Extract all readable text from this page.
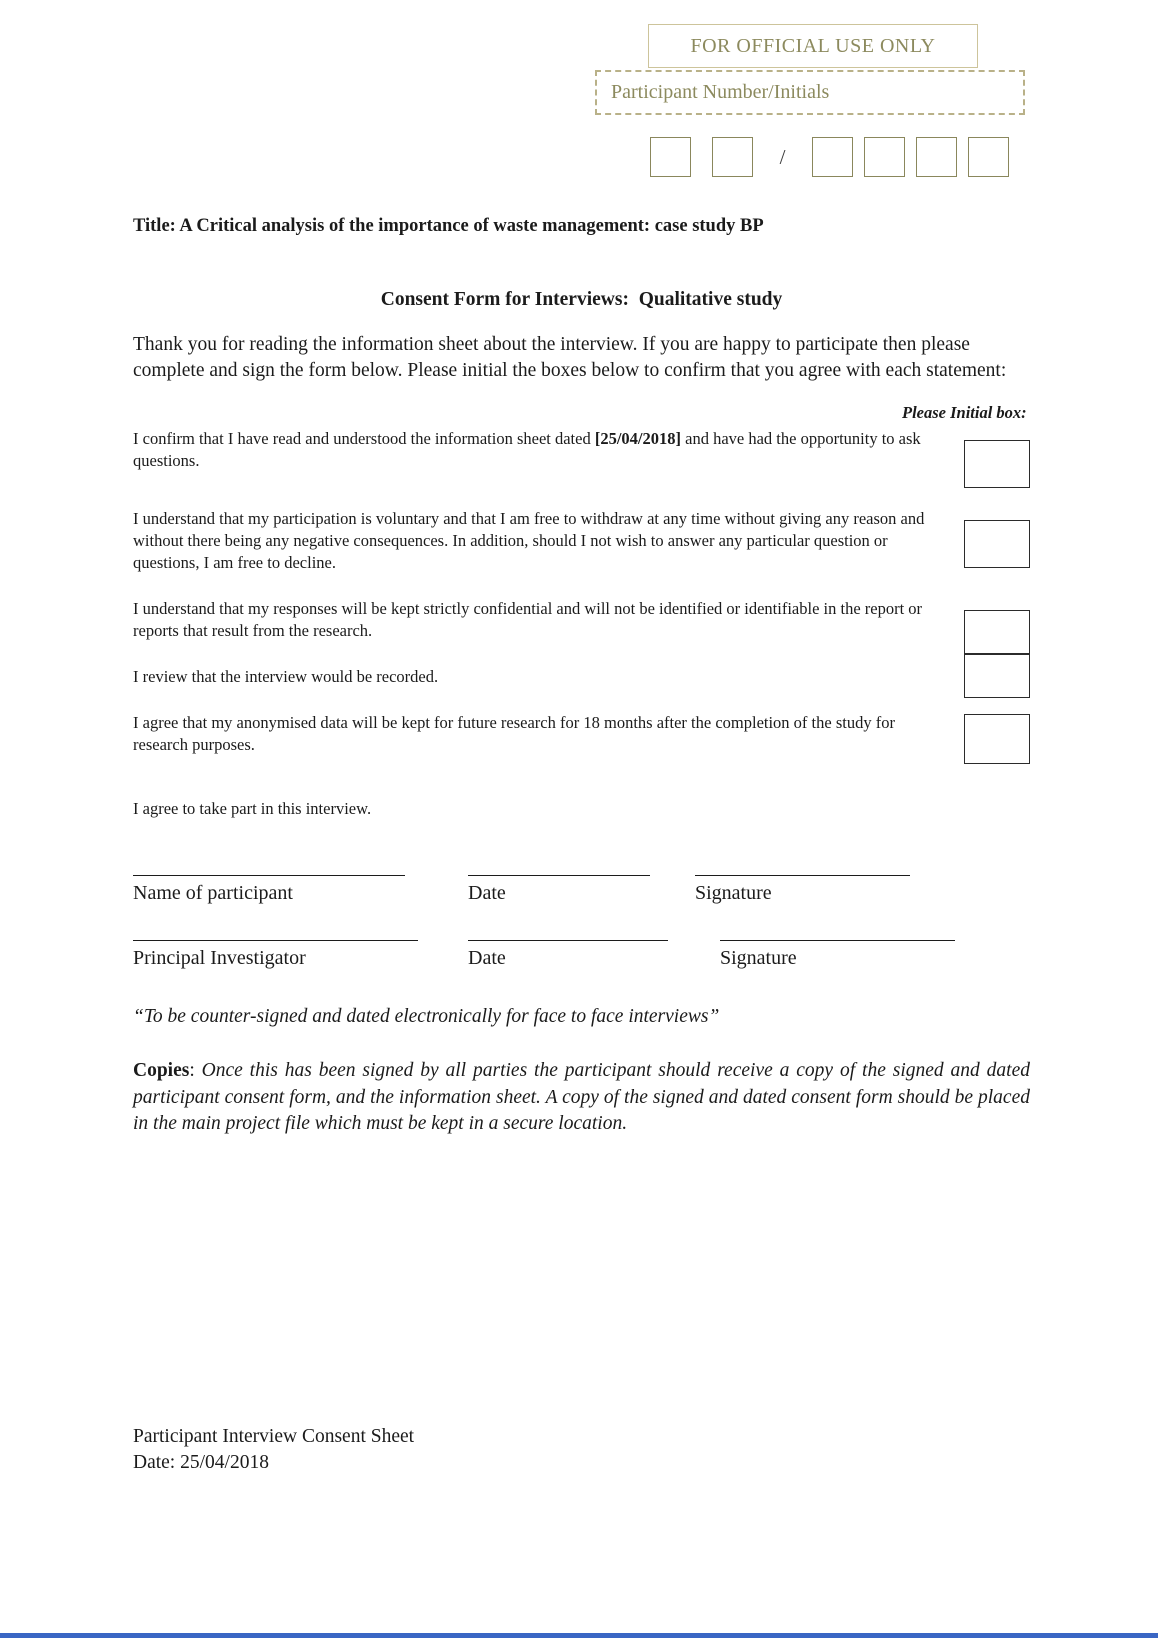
FOR OFFICIAL USE ONLY
Participant Number/Initials
/
Title: A Critical analysis of the importance of waste management: case study BP
Consent Form for Interviews:  Qualitative study
Thank you for reading the information sheet about the interview. If you are happy to participate then please complete and sign the form below. Please initial the boxes below to confirm that you agree with each statement:
Please Initial box:
I confirm that I have read and understood the information sheet dated [25/04/2018] and have had the opportunity to ask questions.
I understand that my participation is voluntary and that I am free to withdraw at any time without giving any reason and without there being any negative consequences. In addition, should I not wish to answer any particular question or questions, I am free to decline.
I understand that my responses will be kept strictly confidential and will not be identified or identifiable in the report or reports that result from the research.
I review that the interview would be recorded.
I agree that my anonymised data will be kept for future research for 18 months after the completion of the study for research purposes.
I agree to take part in this interview.
Name of participant	Date	Signature
Principal Investigator	Date	Signature
“To be counter-signed and dated electronically for face to face interviews”
Copies: Once this has been signed by all parties the participant should receive a copy of the signed and dated participant consent form, and the information sheet. A copy of the signed and dated consent form should be placed in the main project file which must be kept in a secure location.
Participant Interview Consent Sheet
Date: 25/04/2018
